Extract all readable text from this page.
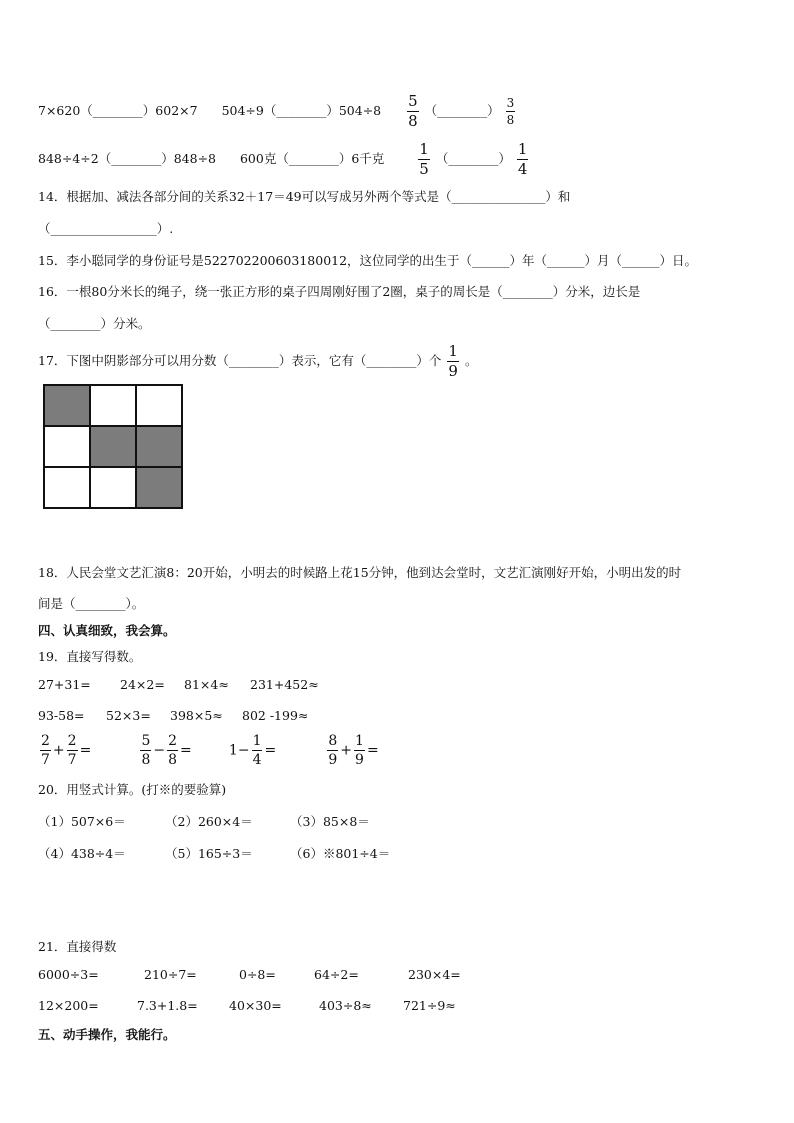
7×620（________）602×7 504÷9（________）504÷8 $\frac{5}{8}$ （________） $\frac{3}{8}$
848÷4÷2（________）848÷8 600克（________）6千克 $\frac{1}{5}$ （________） $\frac{1}{4}$
14．根据加、减法各部分间的关系32＋17＝49可以写成另外两个等式是（_______________）和
（_________________）.
15．李小聪同学的身份证号是522702200603180012，这位同学的出生于（______）年（______）月（______）日。
16．一根80分米长的绳子，绕一张正方形的桌子四周刚好围了2圈，桌子的周长是（________）分米，边长是
（________）分米。
17．下图中阴影部分可以用分数（________）表示，它有（________）个 $\frac{1}{9}$ 。

18．人民会堂文艺汇演8：20开始，小明去的时候路上花15分钟，他到达会堂时，文艺汇演刚好开始，小明出发的时
间是（________）。
四、认真细致，我会算。
19．直接写得数。
27+31= 24×2= 81×4≈ 231+452≈
93-58= 52×3= 398×5≈ 802 -199≈
$\frac{2}{7} + \frac{2}{7}$ =	$\frac{5}{8} - \frac{2}{8}$ =	$1- \frac{1}{4}$ =	$\frac{8}{9} + \frac{1}{9}$ =
20．用竖式计算。(打※的要验算)
（1）507×6＝	（2）260×4＝	（3）85×8＝
（4）438÷4＝	（5）165÷3＝	（6）※801÷4＝
21．直接得数
6000÷3=	210÷7=	0÷8=	64÷2=	230×4=
12×200=	7.3+1.8=	40×30=	403÷8≈ 721÷9≈
五、动手操作，我能行。
